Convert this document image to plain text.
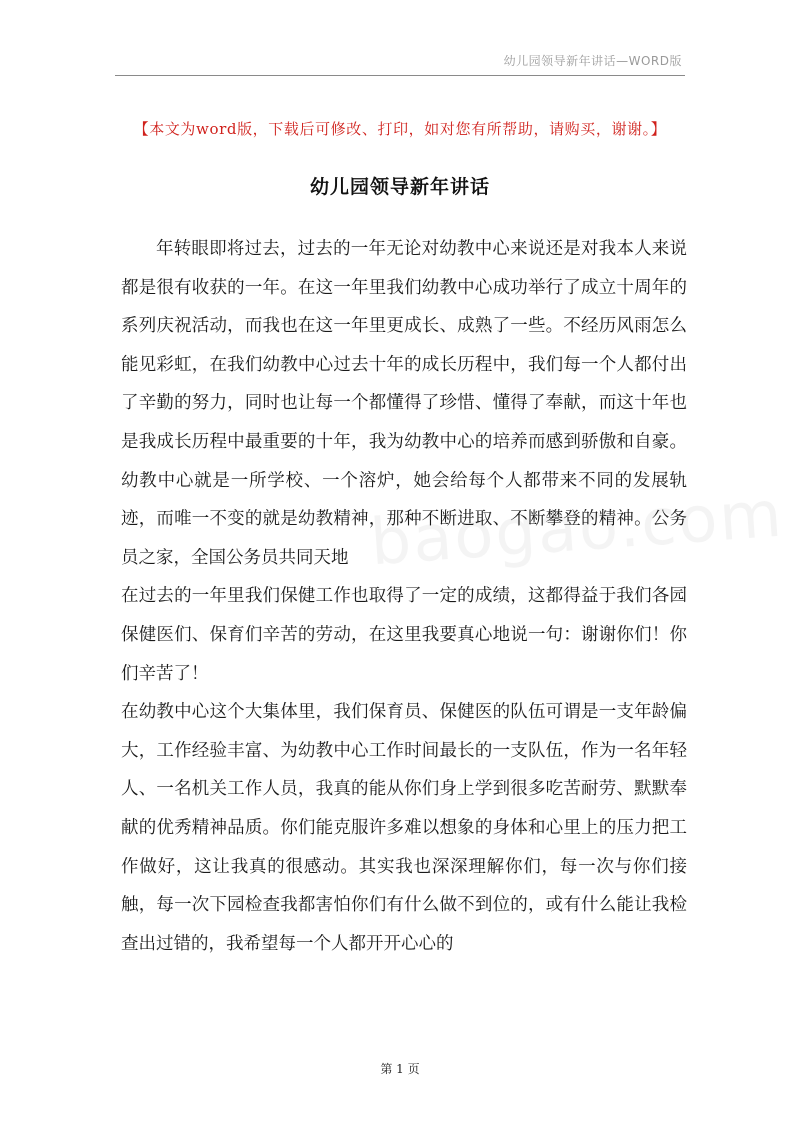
幼儿园领导新年讲话—WORD版
【本文为word版，下载后可修改、打印，如对您有所帮助，请购买，谢谢。】
幼儿园领导新年讲话

年转眼即将过去，过去的一年无论对幼教中心来说还是对我本人来说都是很有收获的一年。在这一年里我们幼教中心成功举行了成立十周年的系列庆祝活动，而我也在这一年里更成长、成熟了一些。不经历风雨怎么能见彩虹，在我们幼教中心过去十年的成长历程中，我们每一个人都付出了辛勤的努力，同时也让每一个都懂得了珍惜、懂得了奉献，而这十年也是我成长历程中最重要的十年，我为幼教中心的培养而感到骄傲和自豪。幼教中心就是一所学校、一个溶炉，她会给每个人都带来不同的发展轨迹，而唯一不变的就是幼教精神，那种不断进取、不断攀登的精神。公务员之家，全国公务员共同天地

在过去的一年里我们保健工作也取得了一定的成绩，这都得益于我们各园保健医们、保育们辛苦的劳动，在这里我要真心地说一句：谢谢你们！你们辛苦了！

在幼教中心这个大集体里，我们保育员、保健医的队伍可谓是一支年龄偏大，工作经验丰富、为幼教中心工作时间最长的一支队伍，作为一名年轻人、一名机关工作人员，我真的能从你们身上学到很多吃苦耐劳、默默奉献的优秀精神品质。你们能克服许多难以想象的身体和心里上的压力把工作做好，这让我真的很感动。其实我也深深理解你们，每一次与你们接触，每一次下园检查我都害怕你们有什么做不到位的，或有什么能让我检查出过错的，我希望每一个人都开开心心的

第 1 页
